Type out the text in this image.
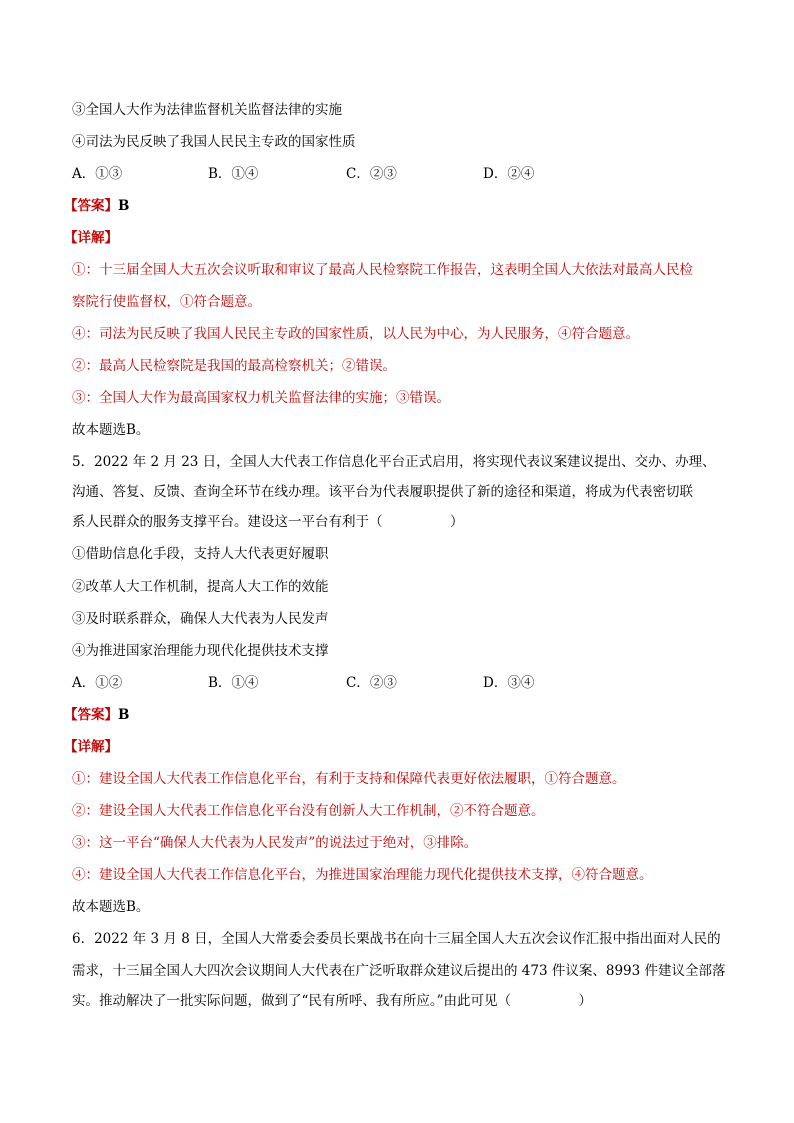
③全国人大作为法律监督机关监督法律的实施
④司法为民反映了我国人民民主专政的国家性质
A．①③	B．①④	C．②③	D．②④
【答案】B
【详解】
①：十三届全国人大五次会议听取和审议了最高人民检察院工作报告，这表明全国人大依法对最高人民检
察院行使监督权，①符合题意。
④：司法为民反映了我国人民民主专政的国家性质，以人民为中心，为人民服务，④符合题意。
②：最高人民检察院是我国的最高检察机关；②错误。
③：全国人大作为最高国家权力机关监督法律的实施；③错误。
故本题选B。
5．2022 年 2 月 23 日，全国人大代表工作信息化平台正式启用，将实现代表议案建议提出、交办、办理、
沟通、答复、反馈、查询全环节在线办理。该平台为代表履职提供了新的途径和渠道，将成为代表密切联
系人民群众的服务支撑平台。建设这一平台有利于（　　　　　）
①借助信息化手段，支持人大代表更好履职
②改革人大工作机制，提高人大工作的效能
③及时联系群众，确保人大代表为人民发声
④为推进国家治理能力现代化提供技术支撑
A．①②	B．①④	C．②③	D．③④
【答案】B
【详解】
①：建设全国人大代表工作信息化平台，有利于支持和保障代表更好依法履职，①符合题意。
②：建设全国人大代表工作信息化平台没有创新人大工作机制，②不符合题意。
③：这一平台“确保人大代表为人民发声”的说法过于绝对，③排除。
④：建设全国人大代表工作信息化平台，为推进国家治理能力现代化提供技术支撑，④符合题意。
故本题选B。
6．2022 年 3 月 8 日，全国人大常委会委员长栗战书在向十三届全国人大五次会议作汇报中指出面对人民的
需求，十三届全国人大四次会议期间人大代表在广泛听取群众建议后提出的 473 件议案、8993 件建议全部落
实。推动解决了一批实际问题，做到了“民有所呼、我有所应。”由此可见（　　　　　）
